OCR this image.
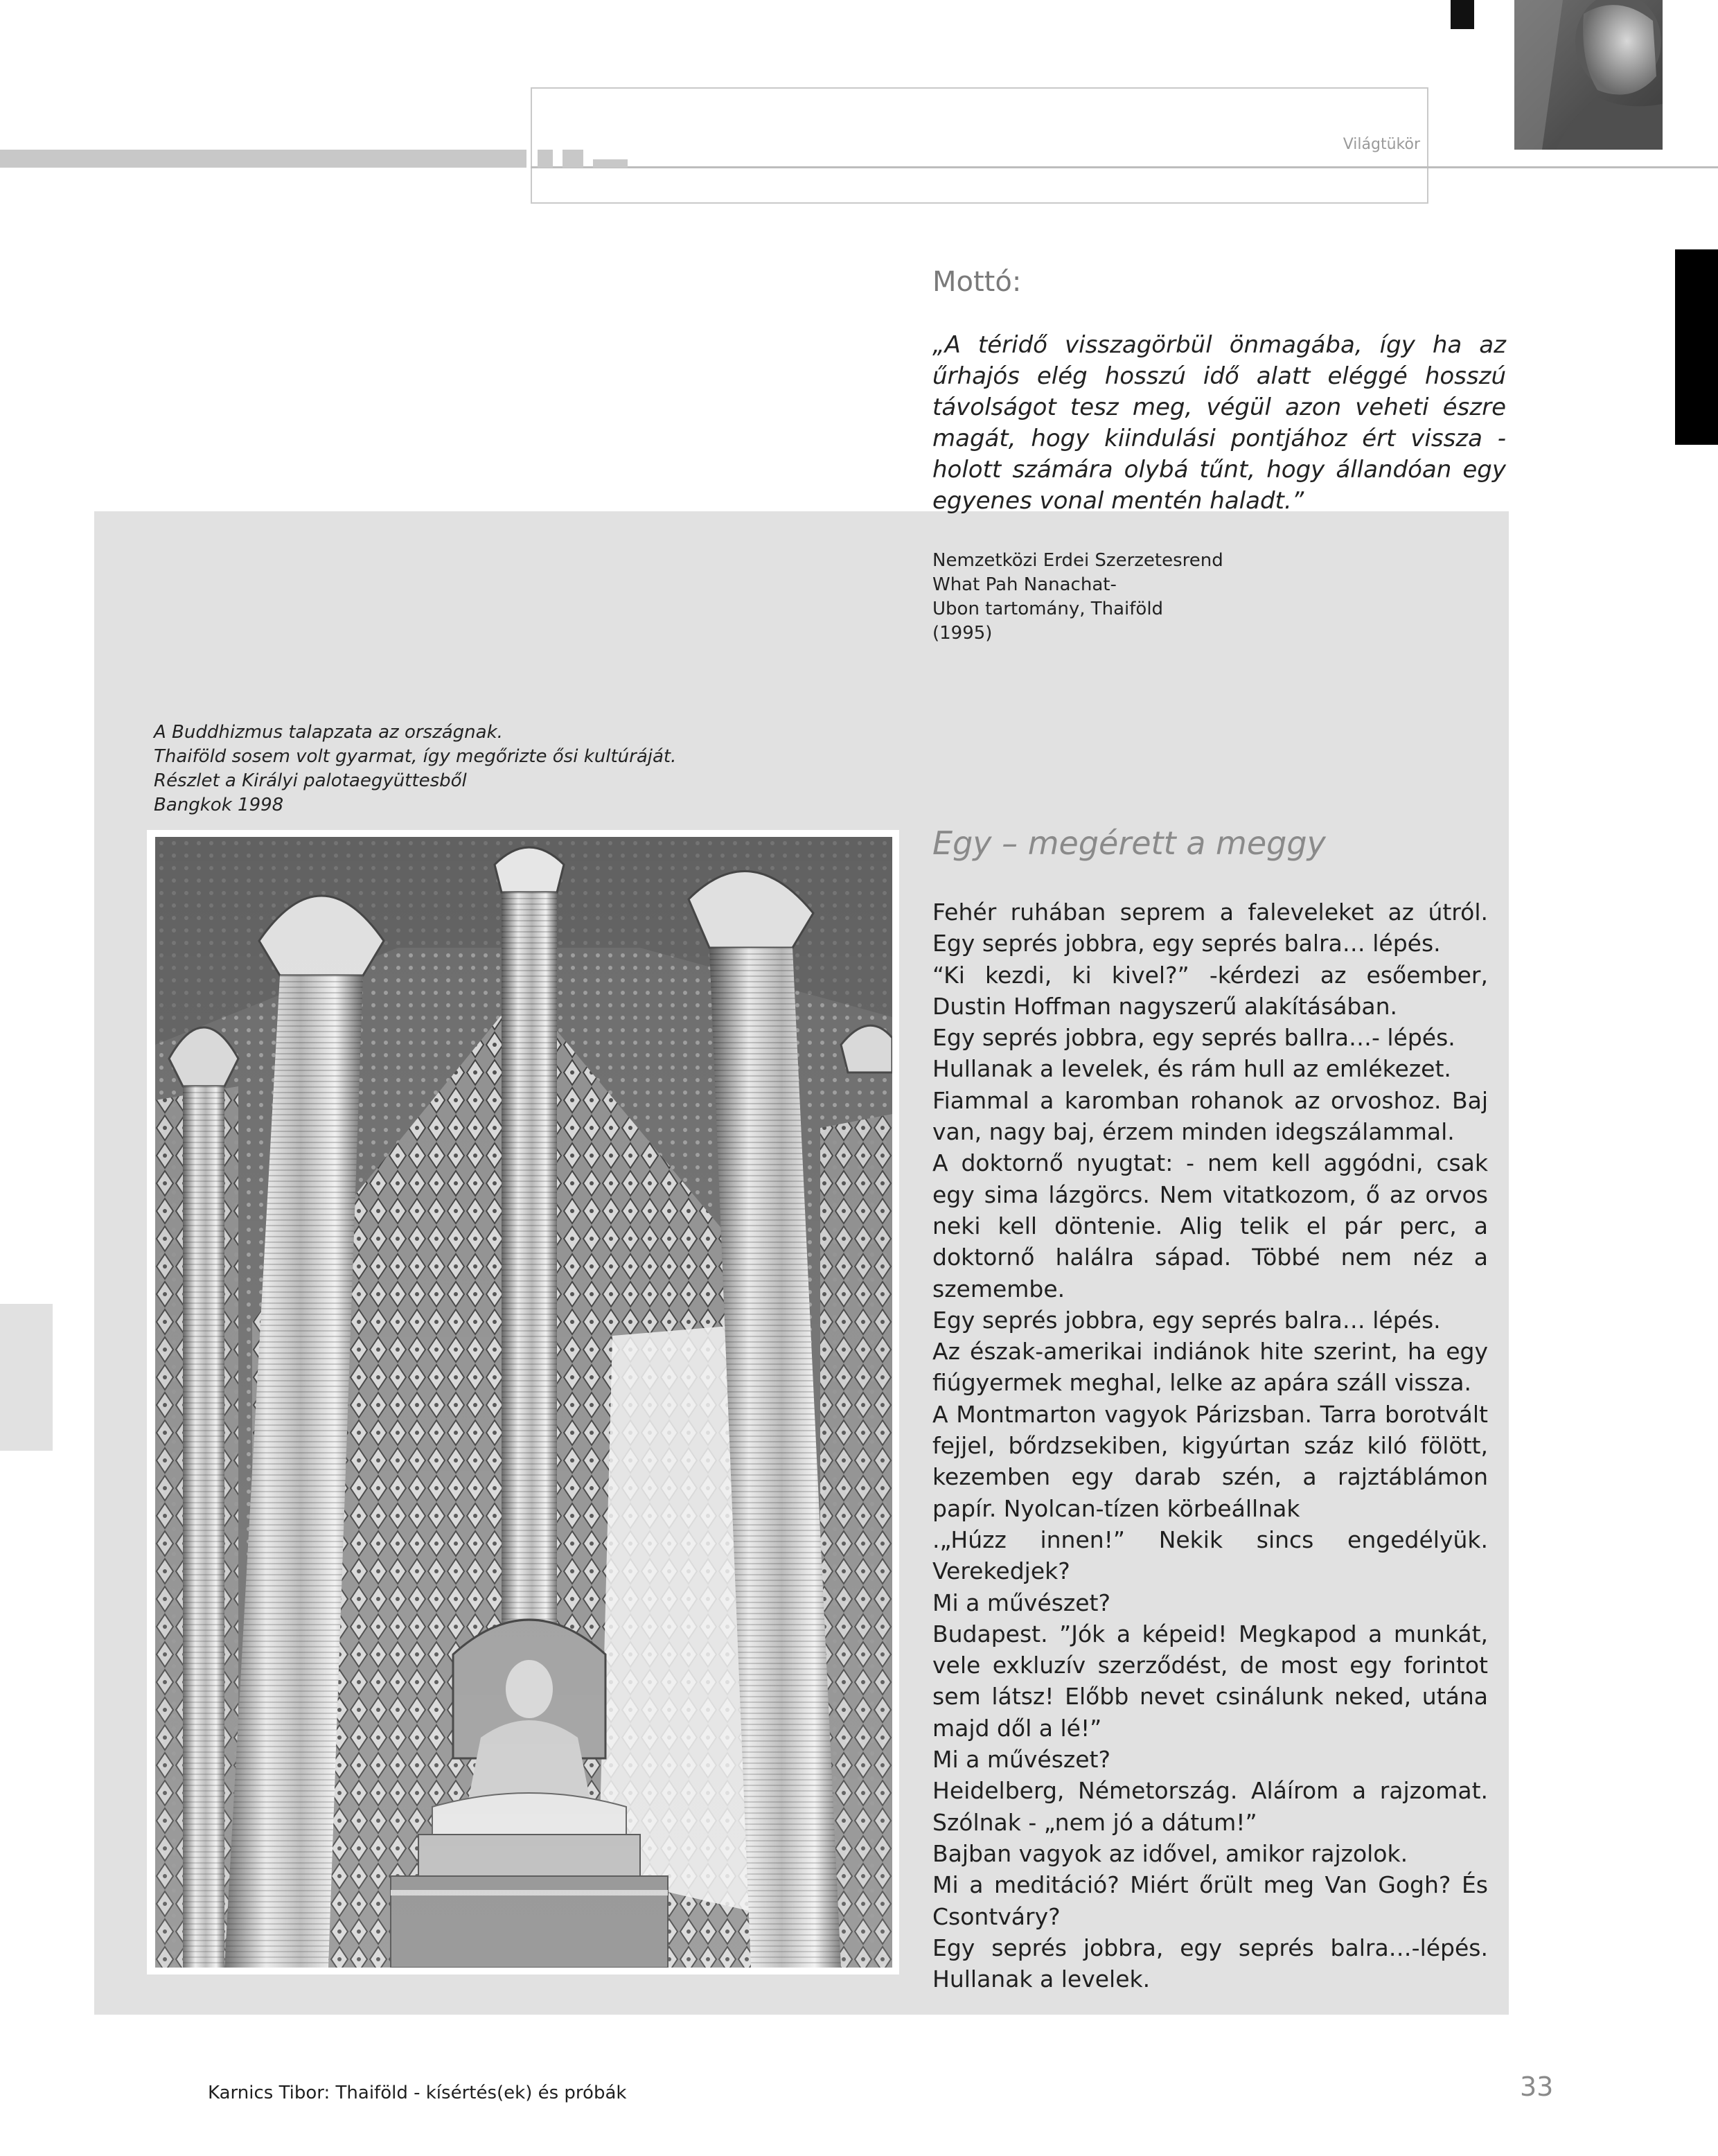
Világtükör
Mottó:

„A téridő visszagörbül önmagába, így ha az űrhajós elég hosszú idő alatt eléggé hosszú távolságot tesz meg, végül azon veheti észre magát, hogy kiindulási pontjához ért vissza - holott számára olybá tűnt, hogy állandóan egy egyenes vonal mentén haladt.”

Nemzetközi Erdei Szerzetesrend
What Pah Nanachat-
Ubon tartomány, Thaiföld
(1995)
A Buddhizmus talapzata az országnak.
Thaiföld sosem volt gyarmat, így megőrizte ősi kultúráját.
Részlet a Királyi palotaegyüttesből
Bangkok 1998
Egy – megérett a meggy

Fehér ruhában seprem a faleveleket az útról. Egy seprés jobbra, egy seprés balra… lépés.

“Ki kezdi, ki kivel?” -kérdezi az esőember, Dustin Hoffman nagyszerű alakításában.

Egy seprés jobbra, egy seprés ballra…- lépés.

Hullanak a levelek, és rám hull az emlékezet.

Fiammal a karomban rohanok az orvoshoz. Baj van, nagy baj, érzem minden idegszálammal.

A doktornő nyugtat: - nem kell aggódni, csak egy sima lázgörcs. Nem vitatkozom, ő az orvos neki kell döntenie. Alig telik el pár perc, a doktornő halálra sápad. Többé nem néz a szemembe.

Egy seprés jobbra, egy seprés balra… lépés.

Az észak-amerikai indiánok hite szerint, ha egy fiúgyermek meghal, lelke az apára száll vissza.

A Montmarton vagyok Párizsban. Tarra borotvált fejjel, bőrdzsekiben, kigyúrtan száz kiló fölött, kezemben egy darab szén, a rajztáblámon papír. Nyolcan-tízen körbeállnak

.„Húzz innen!” Nekik sincs engedélyük. Verekedjek?

Mi a művészet?

Budapest. ”Jók a képeid! Megkapod a munkát, vele exkluzív szerződést, de most egy forintot sem látsz! Előbb nevet csinálunk neked, utána majd dől a lé!”

Mi a művészet?

Heidelberg, Németország. Aláírom a rajzomat. Szólnak - „nem jó a dátum!”

Bajban vagyok az idővel, amikor rajzolok.

Mi a meditáció? Miért őrült meg Van Gogh? És Csontváry?

Egy seprés jobbra, egy seprés balra…-lépés. Hullanak a levelek.

Karnics Tibor: Thaiföld - kísértés(ek) és próbák	33
